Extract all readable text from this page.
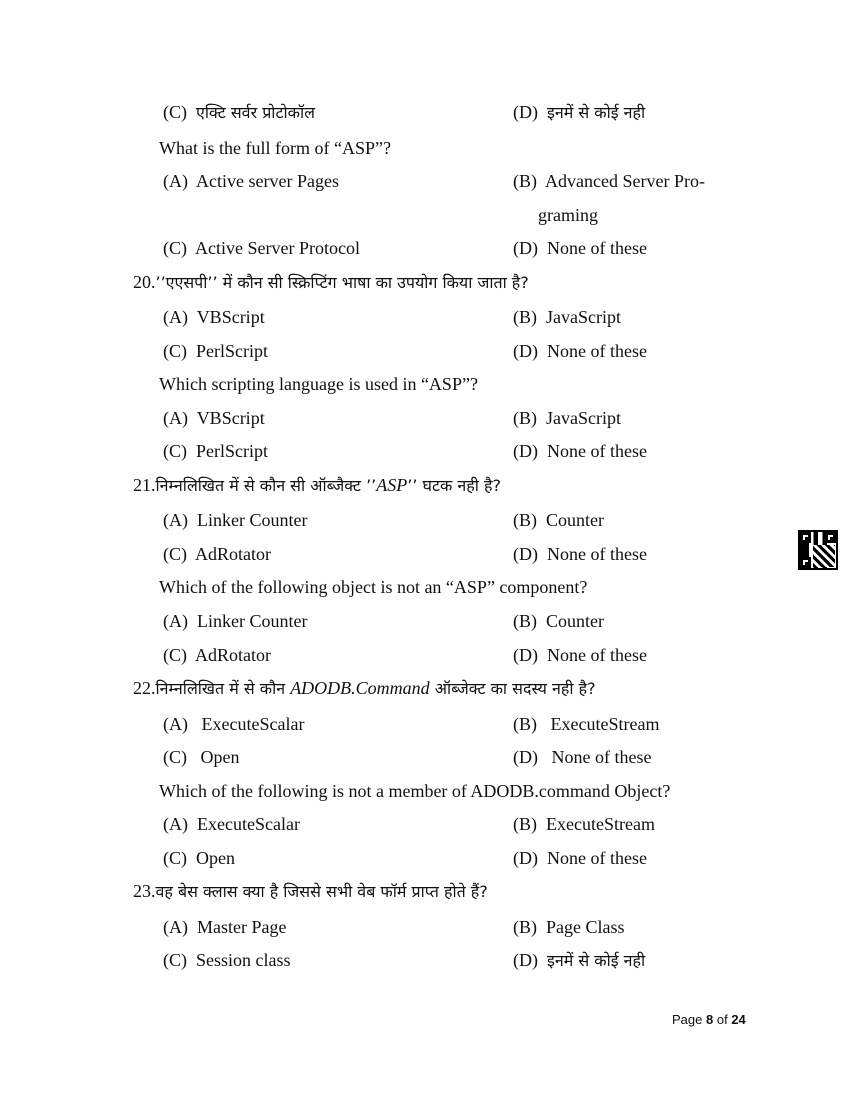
(C) एक्टि सर्वर प्रोटोकॉल	(D) इनमें से कोई नही
What is the full form of “ASP”?
(A) Active server Pages	(B) Advanced Server Pro-
graming
(C) Active Server Protocol	(D) None of these
20.’’एएसपी’’ में कौन सी स्क्रिप्टिंग भाषा का उपयोग किया जाता है?
(A) VBScript	(B) JavaScript
(C) PerlScript	(D) None of these
Which scripting language is used in “ASP”?
(A) VBScript	(B) JavaScript
(C) PerlScript	(D) None of these
21.निम्नलिखित में से कौन सी ऑब्जैक्ट ’’ASP’’ घटक नही है?
(A) Linker Counter	(B) Counter
(C) AdRotator	(D) None of these
Which of the following object is not an “ASP” component?
(A) Linker Counter	(B) Counter
(C) AdRotator	(D) None of these
22.निम्नलिखित में से कौन ADODB.Command ऑब्जेक्ट का सदस्य नही है?
(A) ExecuteScalar	(B) ExecuteStream
(C) Open	(D) None of these
Which of the following is not a member of ADODB.command Object?
(A) ExecuteScalar	(B) ExecuteStream
(C) Open	(D) None of these
23.वह बेस क्लास क्या है जिससे सभी वेब फॉर्म प्राप्त होते हैं?
(A) Master Page	(B) Page Class
(C) Session class	(D) इनमें से कोई नही
Page 8 of 24
